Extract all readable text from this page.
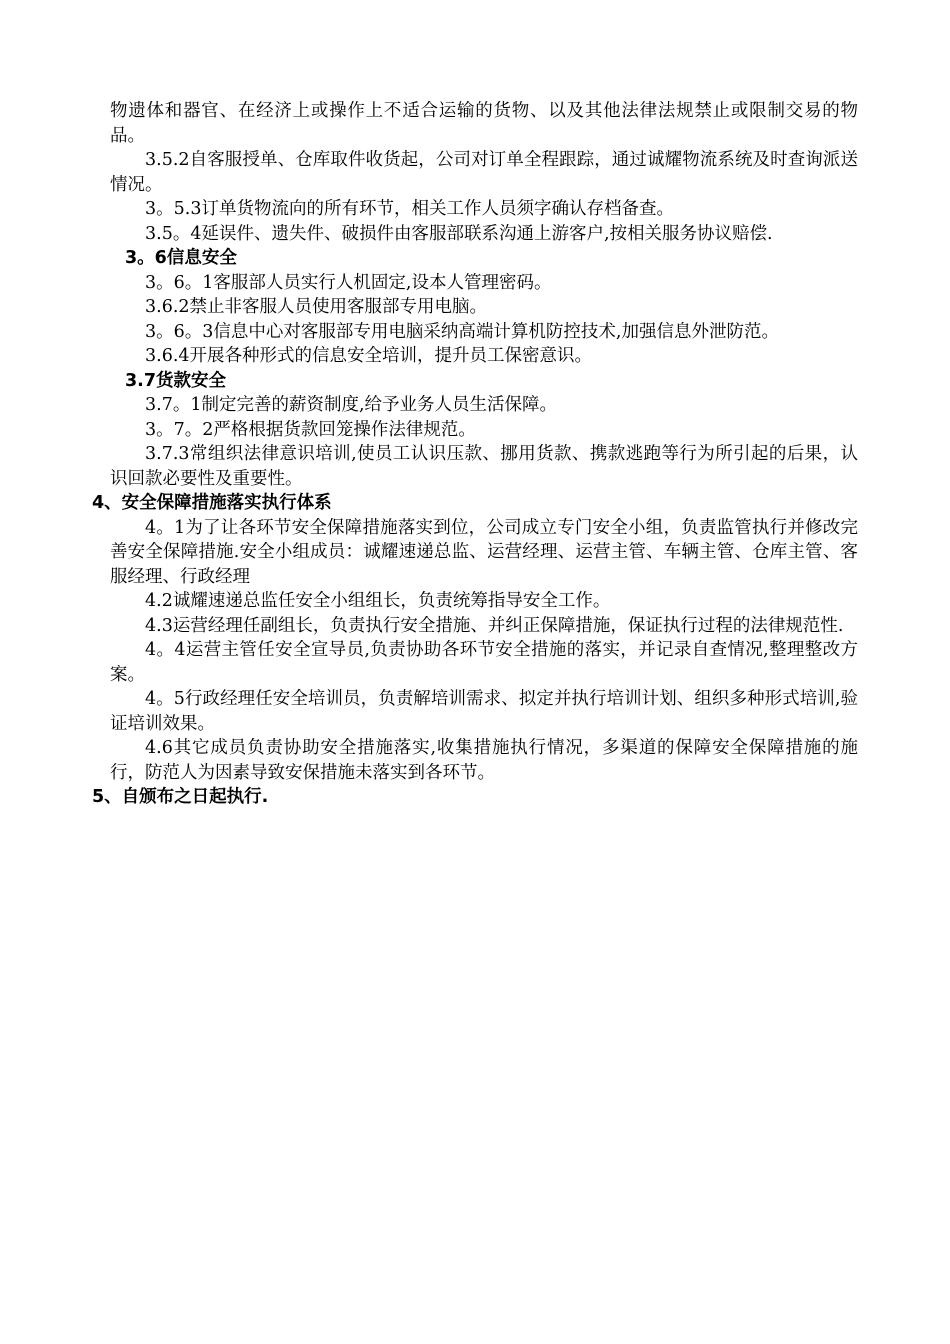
物遗体和器官、在经济上或操作上不适合运输的货物、以及其他法律法规禁止或限制交易的物品。

3.5.2自客服授单、仓库取件收货起，公司对订单全程跟踪，通过诚耀物流系统及时查询派送情况。

3。5.3订单货物流向的所有环节，相关工作人员须字确认存档备查。

3.5。4延误件、遗失件、破损件由客服部联系沟通上游客户,按相关服务协议赔偿.

3。6信息安全

3。6。1客服部人员实行人机固定,设本人管理密码。

3.6.2禁止非客服人员使用客服部专用电脑。

3。6。3信息中心对客服部专用电脑采纳高端计算机防控技术,加强信息外泄防范。

3.6.4开展各种形式的信息安全培训，提升员工保密意识。

3.7货款安全

3.7。1制定完善的薪资制度,给予业务人员生活保障。

3。7。2严格根据货款回笼操作法律规范。

3.7.3常组织法律意识培训,使员工认识压款、挪用货款、携款逃跑等行为所引起的后果，认识回款必要性及重要性。

4、安全保障措施落实执行体系

4。1为了让各环节安全保障措施落实到位，公司成立专门安全小组，负责监管执行并修改完善安全保障措施.安全小组成员：诚耀速递总监、运营经理、运营主管、车辆主管、仓库主管、客服经理、行政经理

4.2诚耀速递总监任安全小组组长，负责统筹指导安全工作。

4.3运营经理任副组长，负责执行安全措施、并纠正保障措施，保证执行过程的法律规范性.

4。4运营主管任安全宣导员,负责协助各环节安全措施的落实，并记录自查情况,整理整改方案。

4。5行政经理任安全培训员，负责解培训需求、拟定并执行培训计划、组织多种形式培训,验证培训效果。

4.6其它成员负责协助安全措施落实,收集措施执行情况，多渠道的保障安全保障措施的施行，防范人为因素导致安保措施未落实到各环节。

5、自颁布之日起执行.
